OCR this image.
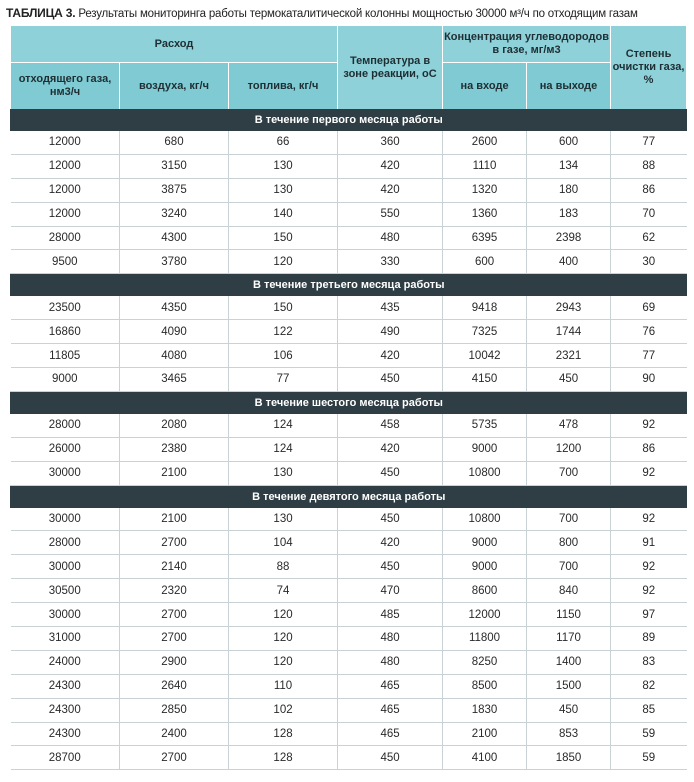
ТАБЛИЦА 3. Результаты мониторинга работы термокаталитической колонны мощностью 30000 м³/ч по отходящим газам
Расход			Температура в зоне реакции, оС	Концентрация углеводородов в газе, мг/м3		Степень очистки газа, %
отходящего газа, нм3/ч	воздуха, кг/ч	топлива, кг/ч		на входе	на выходе	
В течение первого месяца работы						
12000	680	66	360	2600	600	77
12000	3150	130	420	1110	134	88
12000	3875	130	420	1320	180	86
12000	3240	140	550	1360	183	70
28000	4300	150	480	6395	2398	62
9500	3780	120	330	600	400	30
В течение третьего месяца работы						
23500	4350	150	435	9418	2943	69
16860	4090	122	490	7325	1744	76
11805	4080	106	420	10042	2321	77
9000	3465	77	450	4150	450	90
В течение шестого месяца работы						
28000	2080	124	458	5735	478	92
26000	2380	124	420	9000	1200	86
30000	2100	130	450	10800	700	92
В течение девятого месяца работы						
30000	2100	130	450	10800	700	92
28000	2700	104	420	9000	800	91
30000	2140	88	450	9000	700	92
30500	2320	74	470	8600	840	92
30000	2700	120	485	12000	1150	97
31000	2700	120	480	11800	1170	89
24000	2900	120	480	8250	1400	83
24300	2640	110	465	8500	1500	82
24300	2850	102	465	1830	450	85
24300	2400	128	465	2100	853	59
28700	2700	128	450	4100	1850	59
